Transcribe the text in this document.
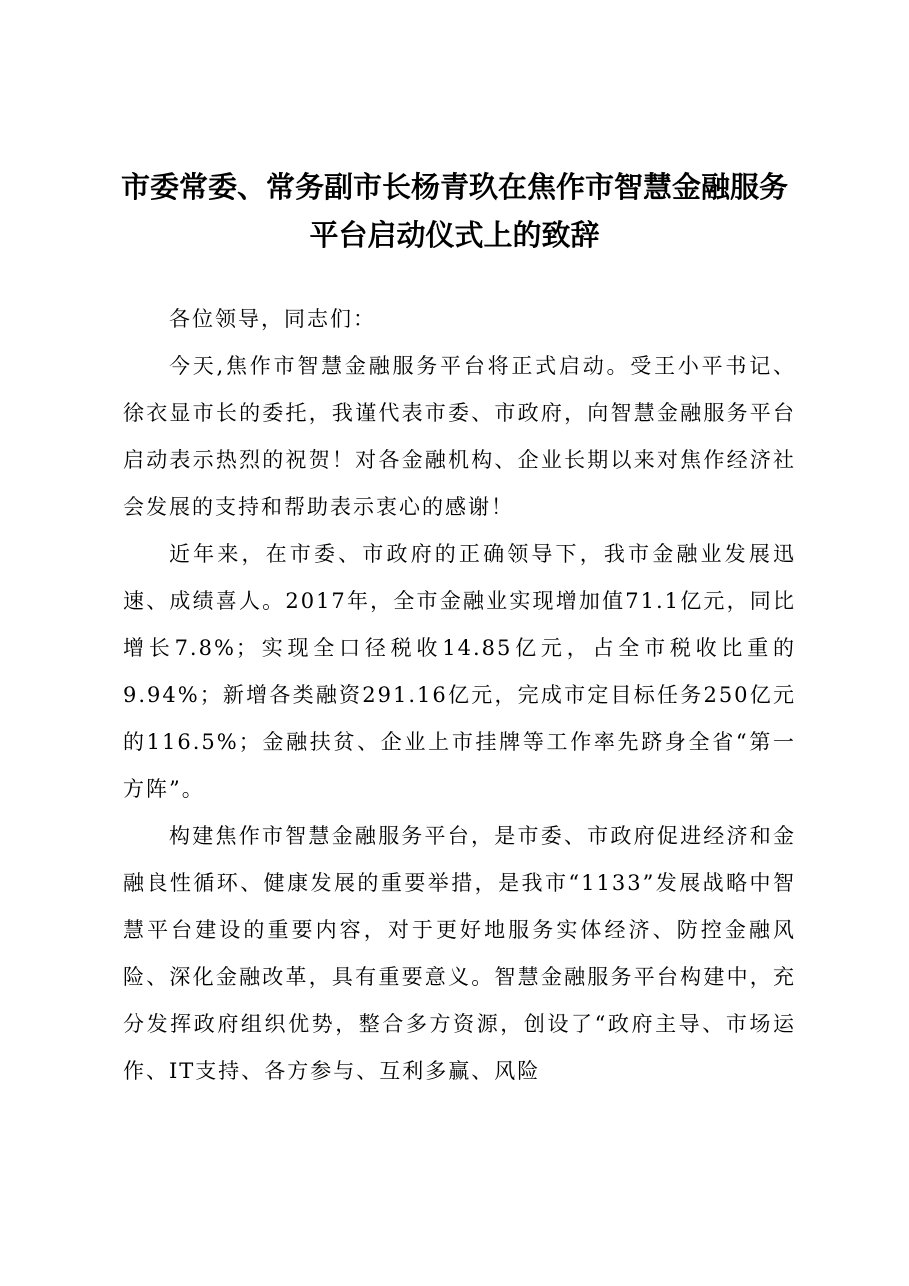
市委常委、常务副市长杨青玖在焦作市智慧金融服务平台启动仪式上的致辞

各位领导，同志们：

今天,焦作市智慧金融服务平台将正式启动。受王小平书记、徐衣显市长的委托，我谨代表市委、市政府，向智慧金融服务平台启动表示热烈的祝贺！对各金融机构、企业长期以来对焦作经济社会发展的支持和帮助表示衷心的感谢！

近年来，在市委、市政府的正确领导下，我市金融业发展迅速、成绩喜人。2017年，全市金融业实现增加值71.1亿元，同比增长7.8%；实现全口径税收14.85亿元，占全市税收比重的9.94%；新增各类融资291.16亿元，完成市定目标任务250亿元的116.5%；金融扶贫、企业上市挂牌等工作率先跻身全省“第一方阵”。

构建焦作市智慧金融服务平台，是市委、市政府促进经济和金融良性循环、健康发展的重要举措，是我市“1133”发展战略中智慧平台建设的重要内容，对于更好地服务实体经济、防控金融风险、深化金融改革，具有重要意义。智慧金融服务平台构建中，充分发挥政府组织优势，整合多方资源，创设了“政府主导、市场运作、IT支持、各方参与、互利多赢、风险
